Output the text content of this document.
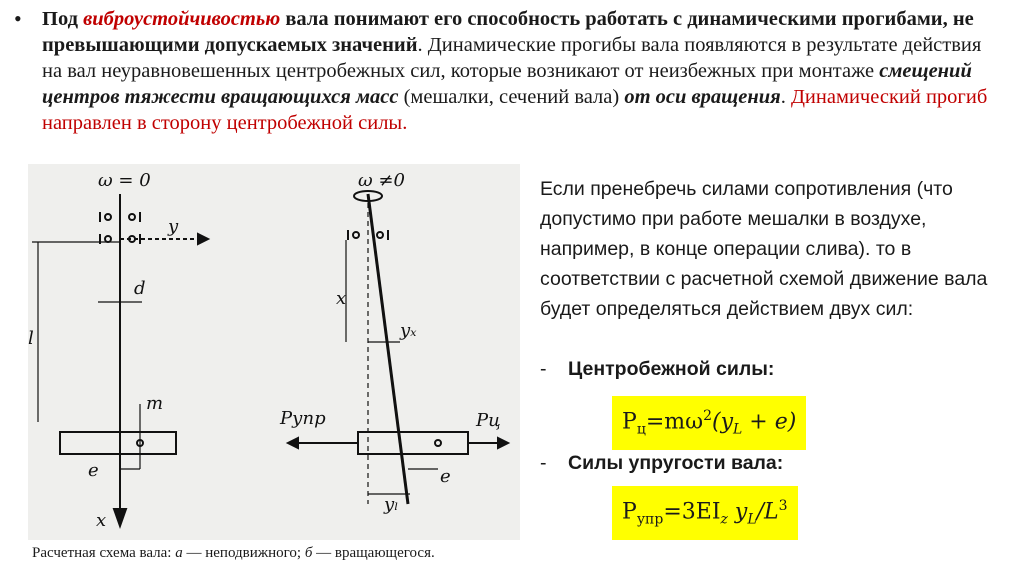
• Под виброустойчивостью вала понимают его способность работать с динамическими прогибами, не превышающими допускаемых значений. Динамические прогибы вала появляются в результате действия на вал неуравновешенных центробежных сил, которые возникают от неизбежных при монтаже смещений центров тяжести вращающихся масс (мешалки, сечений вала) от оси вращения. Динамический прогиб направлен в сторону центробежной силы.
ω = 0	ω ≠0
y
d
l
m
e
x
x
yₓ
Pупр	Pц
e
yₗ
Расчетная схема вала: а — неподвижного; б — вращающегося.
Если пренебречь силами сопротивления (что допустимо при работе мешалки в воздухе, например, в конце операции слива). то в соответствии с расчетной схемой движение вала будет определяться действием двух сил:
- Центробежной силы:
$P_ц=m\omega^2(y_L + e)$
- Силы упругости вала:
$P_{упр}=3EI_z$ $y_L/L^3$
